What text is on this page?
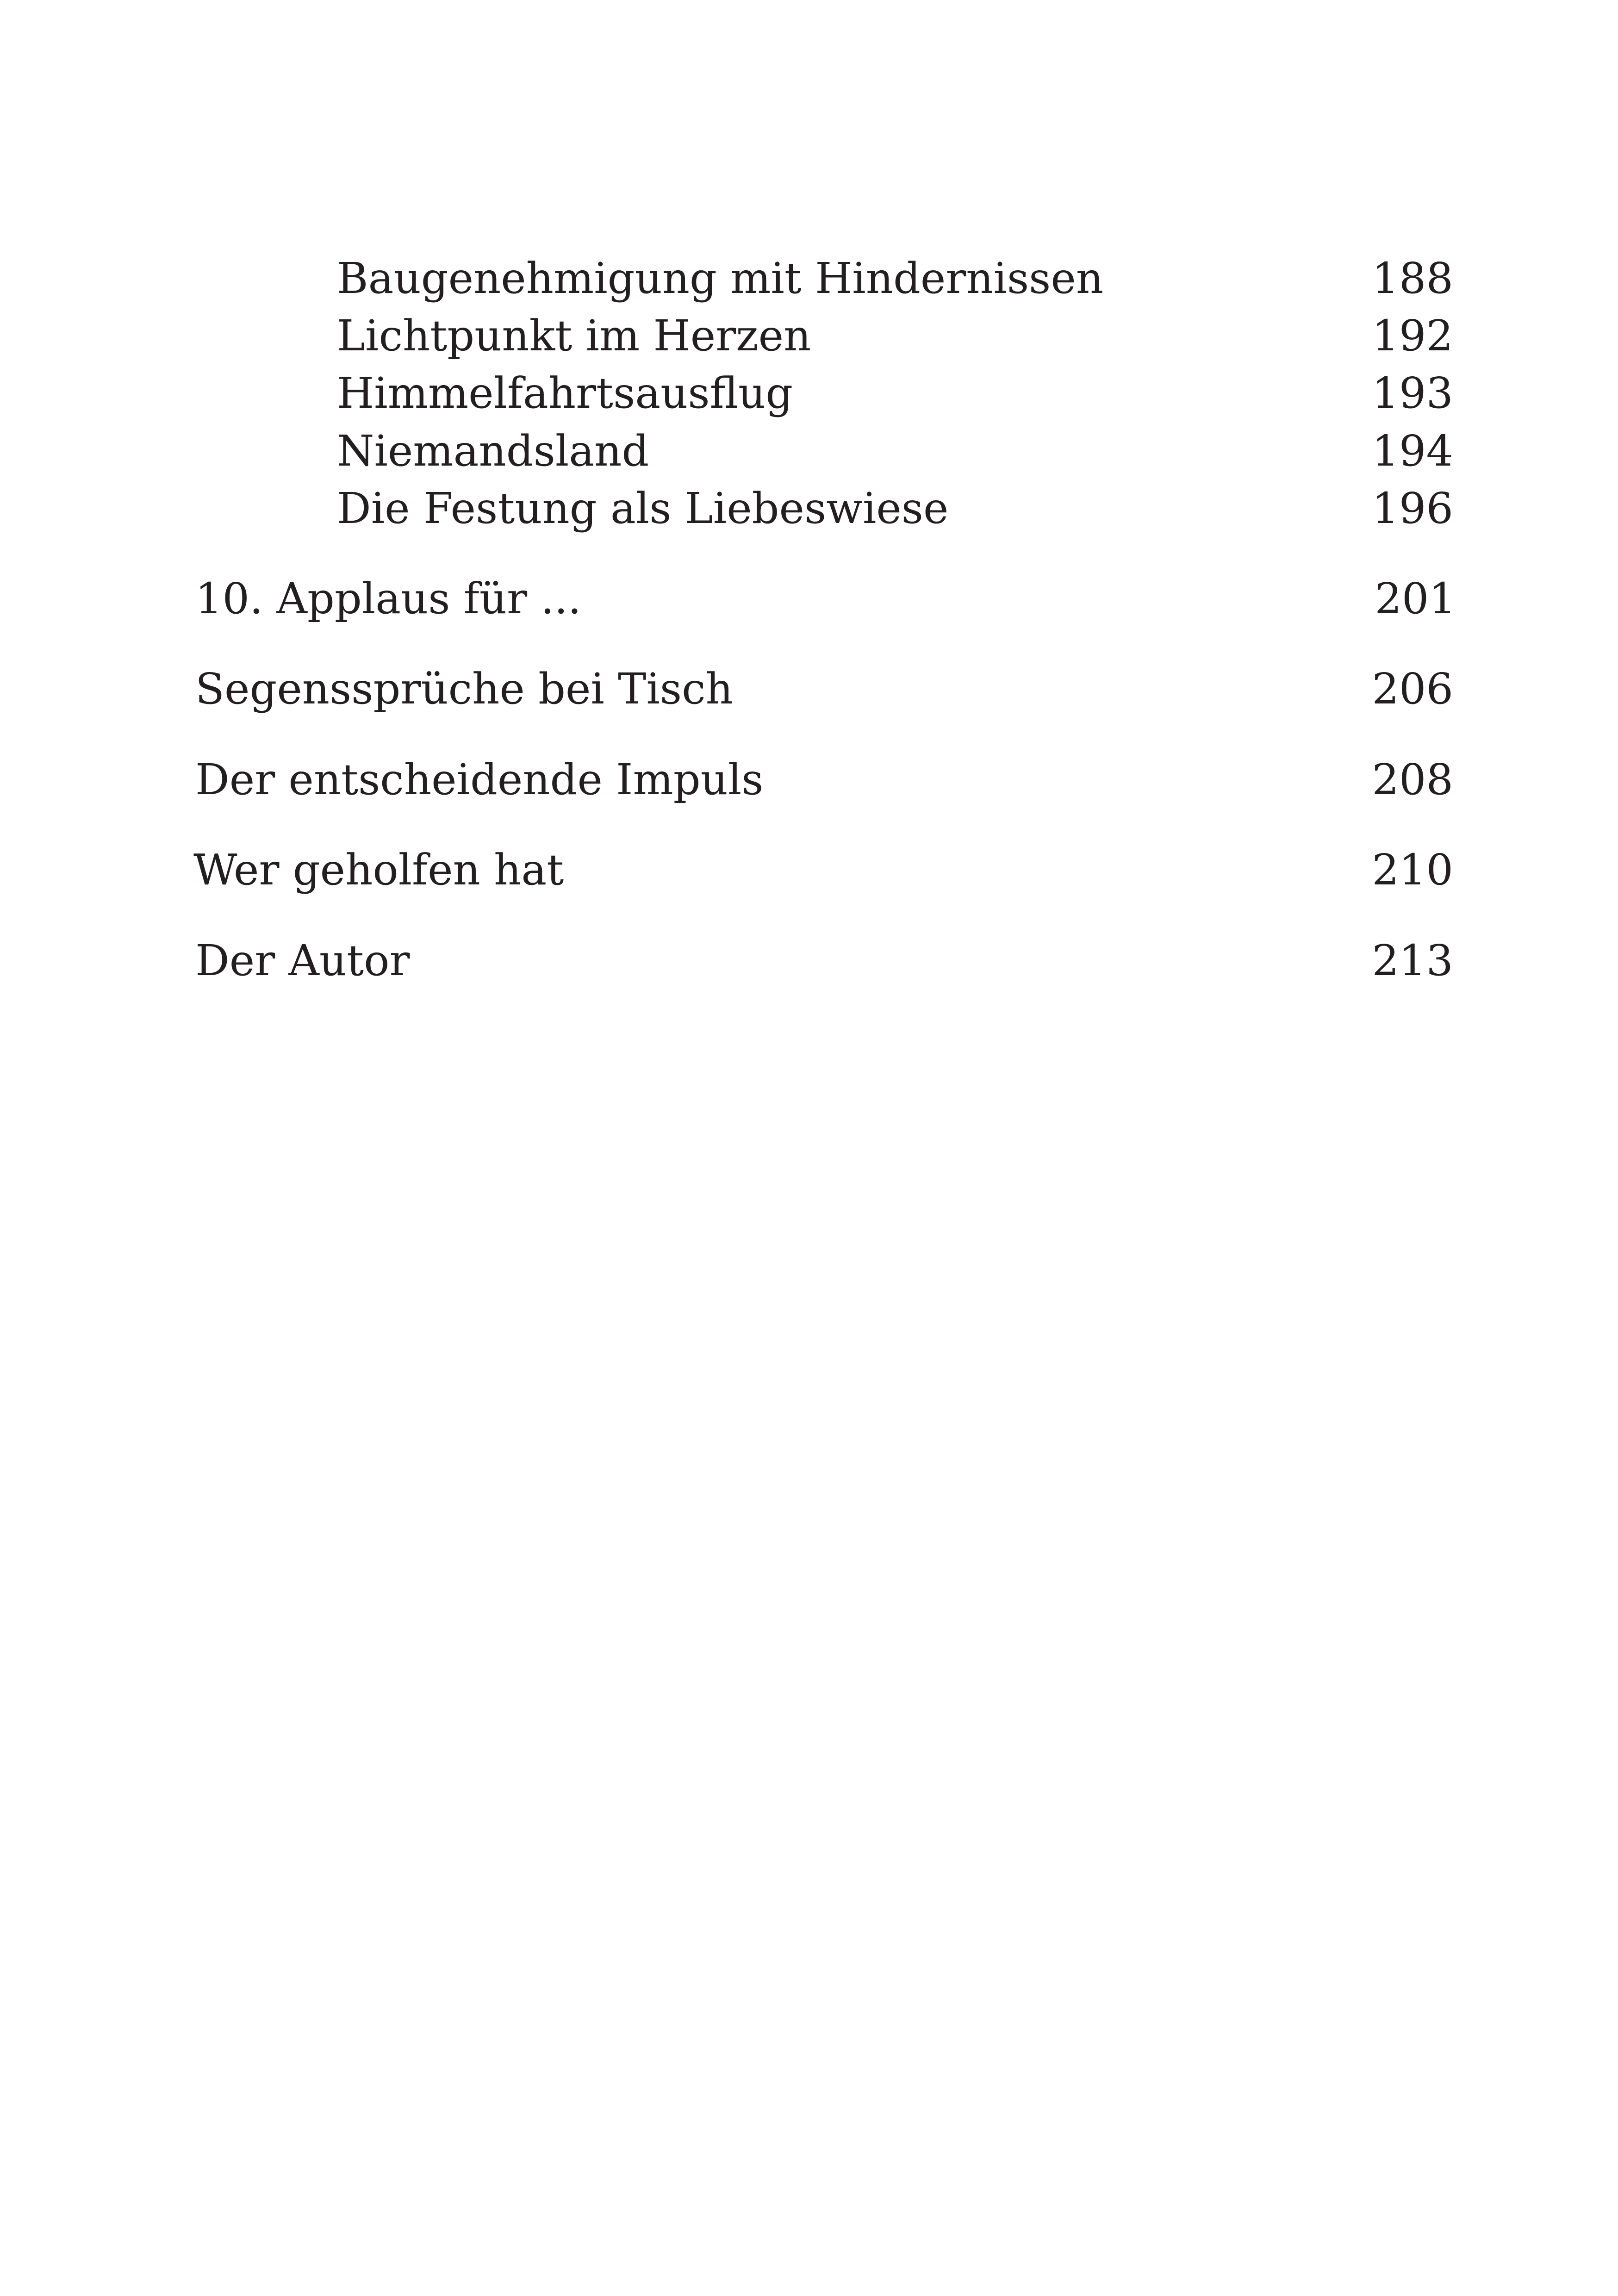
Baugenehmigung mit Hindernissen	188
Lichtpunkt im Herzen	192
Himmelfahrtsausflug	193
Niemandsland	194
Die Festung als Liebeswiese	196
10. Applaus für ...	201
Segenssprüche bei Tisch	206
Der entscheidende Impuls	208
Wer geholfen hat	210
Der Autor	213
